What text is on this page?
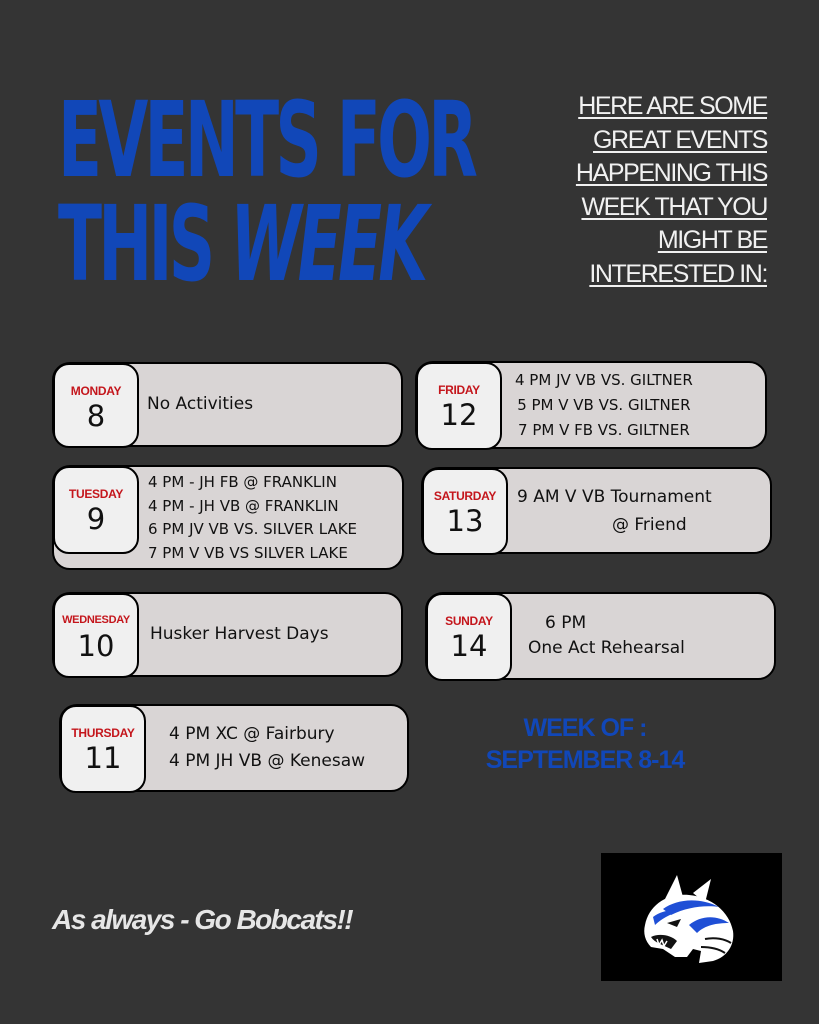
EVENTS FOR
THIS WEEK
HERE ARE SOME
GREAT EVENTS
HAPPENING THIS
WEEK THAT YOU
MIGHT BE
INTERESTED IN:
MONDAY
8	No Activities
TUESDAY
9
4 PM - JH FB @ FRANKLIN
4 PM - JH VB @ FRANKLIN
6 PM JV VB VS. SILVER LAKE
7 PM V VB VS SILVER LAKE
WEDNESDAY
10	Husker Harvest Days
THURSDAY
11
4 PM XC @ Fairbury
4 PM JH VB @ Kenesaw
FRIDAY
12
4 PM JV VB VS. GILTNER
5 PM V VB VS. GILTNER
7 PM V FB VS. GILTNER
SATURDAY
13
9 AM V VB Tournament
@ Friend
SUNDAY
14
6 PM
One Act Rehearsal
WEEK OF :
SEPTEMBER 8-14
As always - Go Bobcats!!
